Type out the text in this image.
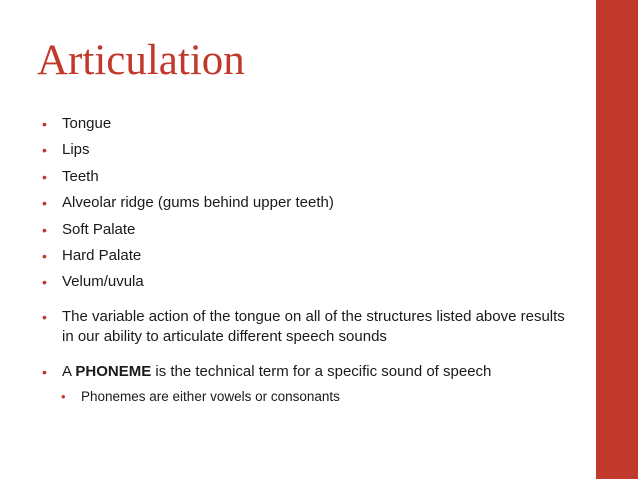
Articulation
• Tongue
• Lips
• Teeth
• Alveolar ridge (gums behind upper teeth)
• Soft Palate
• Hard Palate
• Velum/uvula
• The variable action of the tongue on all of the structures listed above results in our ability to articulate different speech sounds
• A PHONEME is the technical term for a specific sound of speech
• Phonemes are either vowels or consonants
